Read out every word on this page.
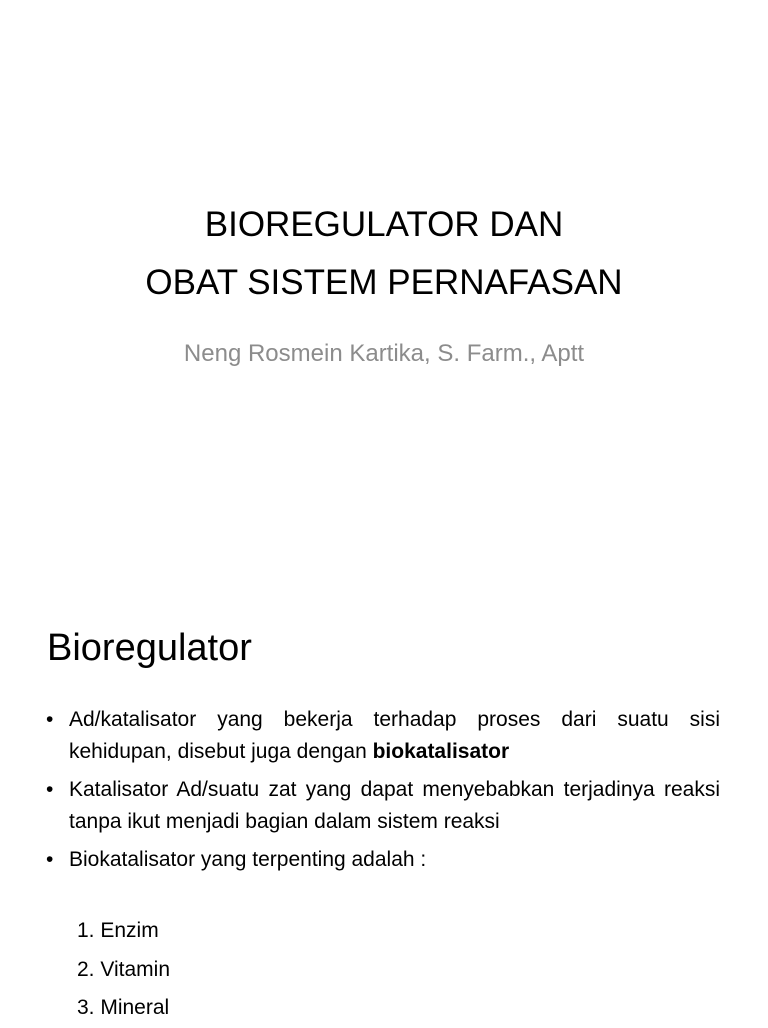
BIOREGULATOR DAN
OBAT SISTEM PERNAFASAN
Neng Rosmein Kartika, S. Farm., Aptt
Bioregulator
• Ad/katalisator yang bekerja terhadap proses dari suatu sisi kehidupan, disebut juga dengan biokatalisator
• Katalisator Ad/suatu zat yang dapat menyebabkan terjadinya reaksi tanpa ikut menjadi bagian dalam sistem reaksi
• Biokatalisator yang terpenting adalah :
1. Enzim
2. Vitamin
3. Mineral
